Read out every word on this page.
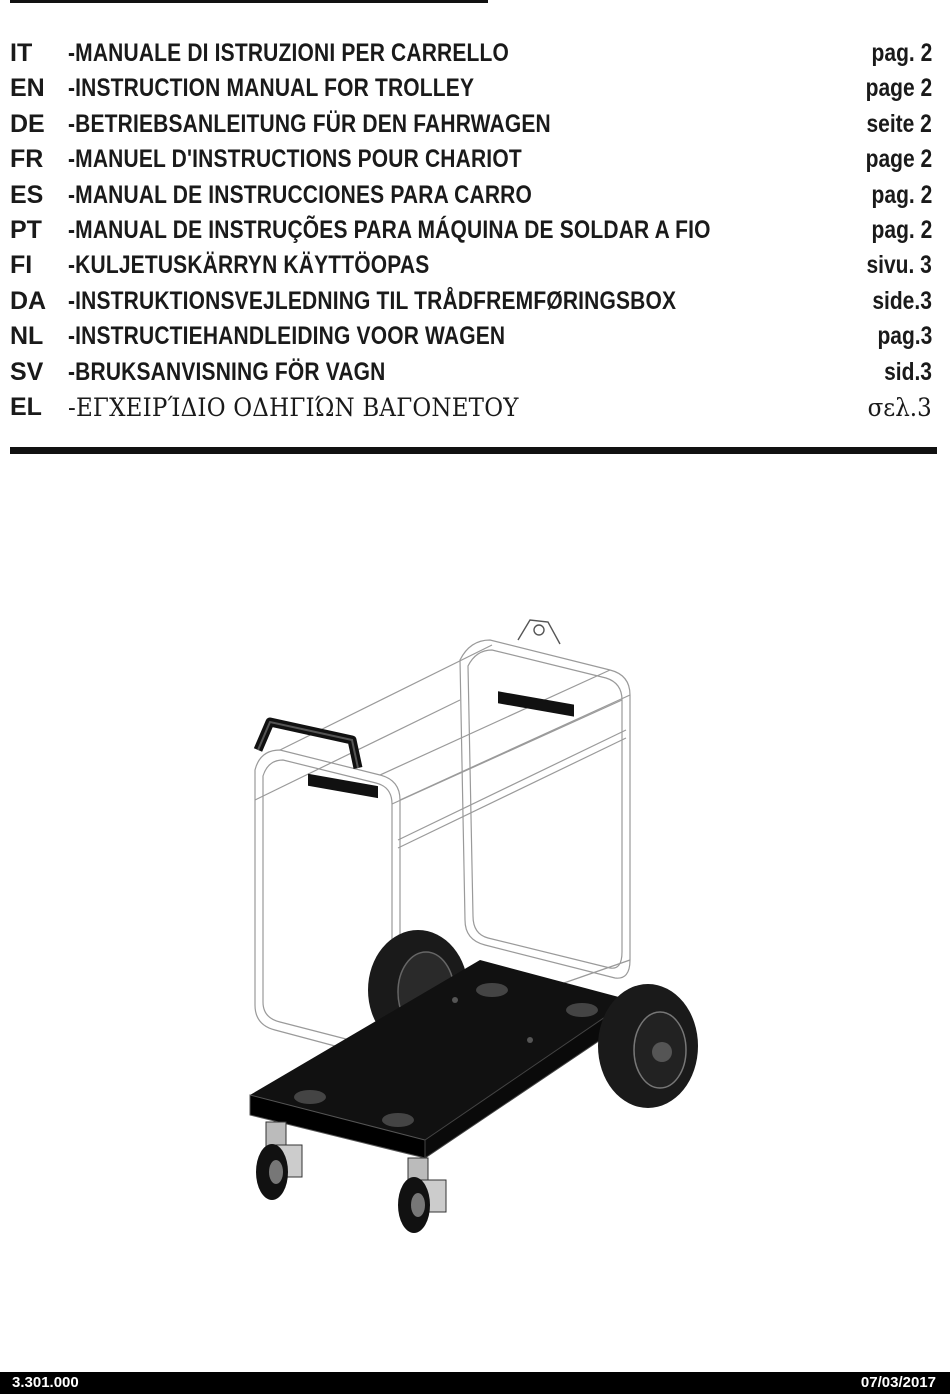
IT -MANUALE DI ISTRUZIONI PER CARRELLO	pag. 2
EN -INSTRUCTION MANUAL FOR TROLLEY	page 2
DE -BETRIEBSANLEITUNG FÜR DEN FAHRWAGEN	seite 2
FR -MANUEL D'INSTRUCTIONS POUR CHARIOT	page 2
ES -MANUAL DE INSTRUCCIONES PARA CARRO	pag. 2
PT -MANUAL DE INSTRUÇÕES PARA MÁQUINA DE SOLDAR A FIO	pag. 2
FI -KULJETUSKÄRRYN KÄYTTÖOPAS	sivu. 3
DA -INSTRUKTIONSVEJLEDNING TIL TRÅDFREMFØRINGSBOX	side.3
NL -INSTRUCTIEHANDLEIDING VOOR WAGEN	pag.3
SV -BRUKSANVISNING FÖR VAGN	sid.3
EL -ΕΓΧΕΙΡΊΔΙΟ ΟΔΗΓΙΏΝ ΒΑΓΟΝΕΤΟΥ	σελ.3
3.301.000	07/03/2017
